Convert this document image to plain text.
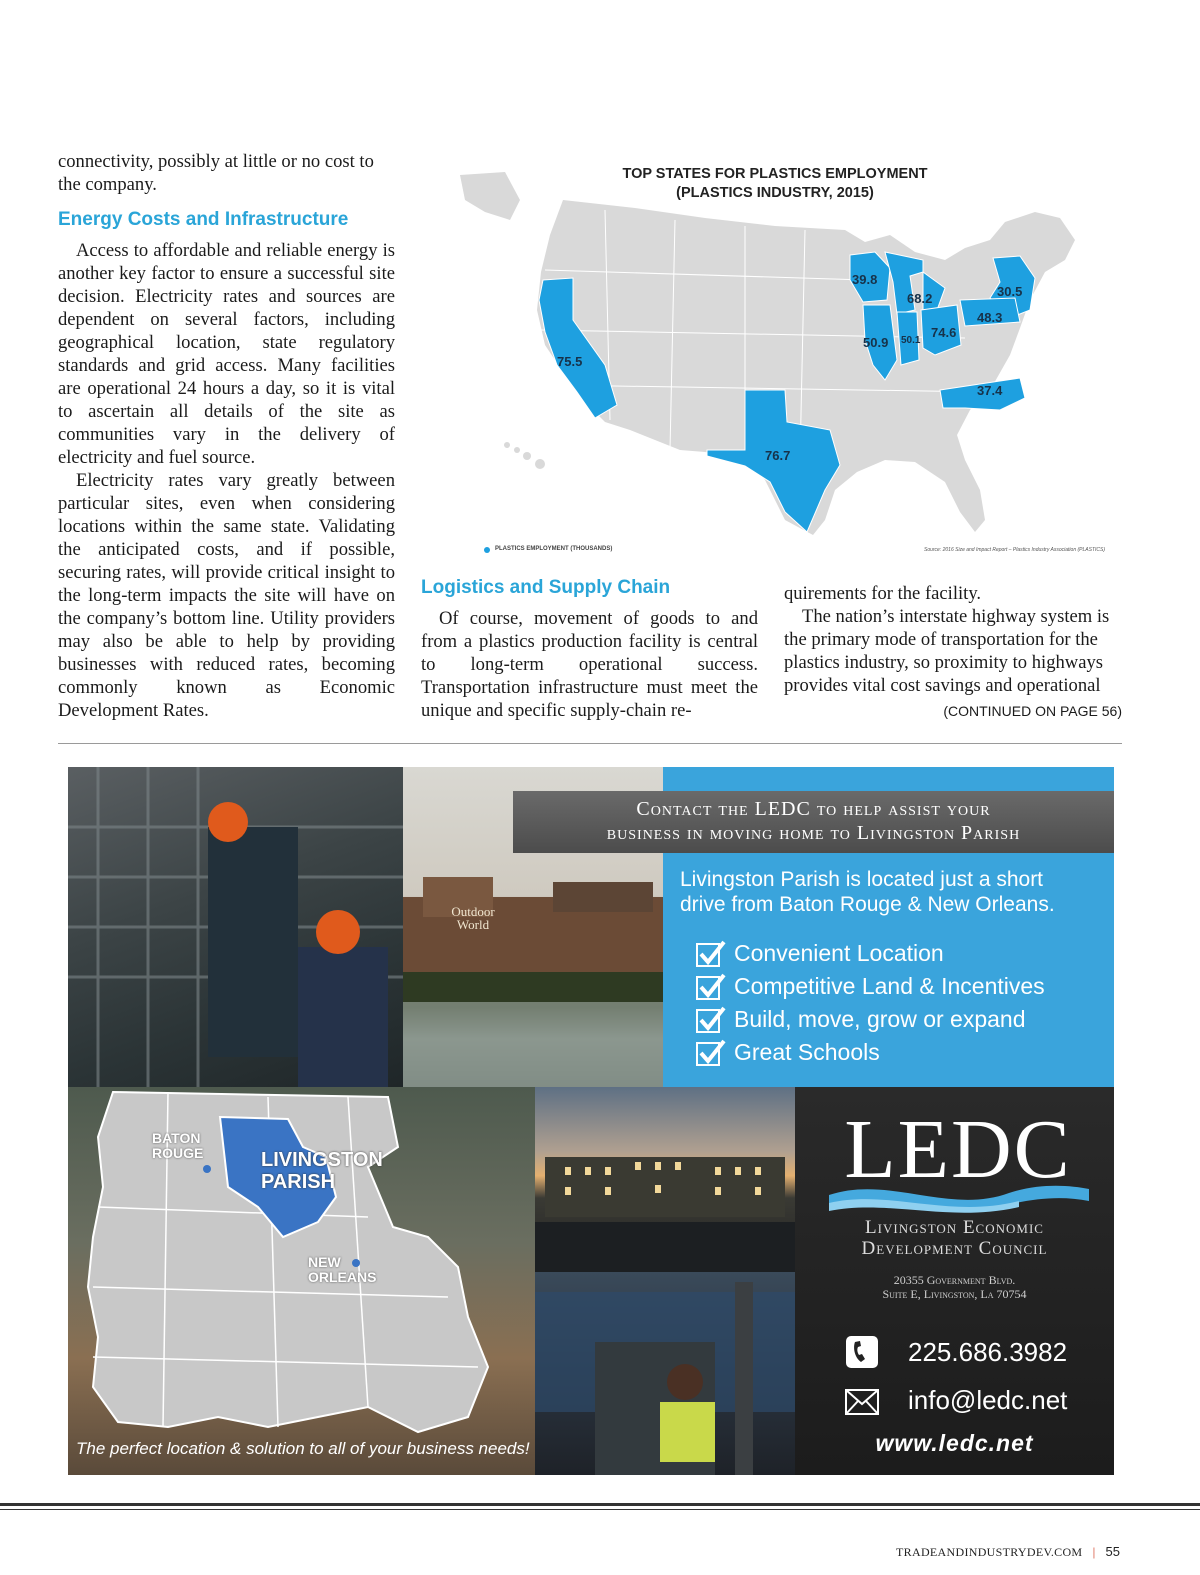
connectivity, possibly at little or no cost to the company.

Energy Costs and Infrastructure

Access to affordable and reliable energy is another key factor to ensure a successful site decision. Electricity rates and sources are dependent on several factors, including geographical location, state regulatory standards and grid access. Many facilities are operational 24 hours a day, so it is vital to ascertain all details of the site as communities vary in the delivery of electricity and fuel source.

Electricity rates vary greatly between particular sites, even when considering locations within the same state. Validating the anticipated costs, and if possible, securing rates, will provide critical insight to the long-term impacts the site will have on the company’s bottom line. Utility providers may also be able to help by providing businesses with reduced rates, becoming commonly known as Economic Development Rates.

TOP STATES FOR PLASTICS EMPLOYMENT
(PLASTICS INDUSTRY, 2015)
75.5
76.7
39.8
68.2	30.5
48.3
50.9 50.1
74.6
37.4
PLASTICS EMPLOYMENT (THOUSANDS)	Source: 2016 Size and Impact Report – Plastics Industry Association (PLASTICS)
Logistics and Supply Chain

Of course, movement of goods to and from a plastics production facility is central to long-term operational success. Transportation infrastructure must meet the unique and specific supply-chain re-

quirements for the facility.

The nation’s interstate highway system is the primary mode of transportation for the plastics industry, so proximity to highways provides vital cost savings and operational
(CONTINUED ON PAGE 56)

Outdoor
World
Contact the LEDC to help assist your
business in moving home to Livingston Parish
Livingston Parish is located just a short
drive from Baton Rouge & New Orleans.
Convenient Location
Competitive Land & Incentives
Build, move, grow or expand
Great Schools
BATON
ROUGE	LIVINGSTON
PARISH
NEW
ORLEANS
The perfect location & solution to all of your business needs!
LEDC
Livingston Economic
Development Council
20355 Government Blvd.
Suite E, Livingston, La 70754
225.686.3982
info@ledc.net
www.ledc.net
TRADEANDINDUSTRYDEV.COM | 55
